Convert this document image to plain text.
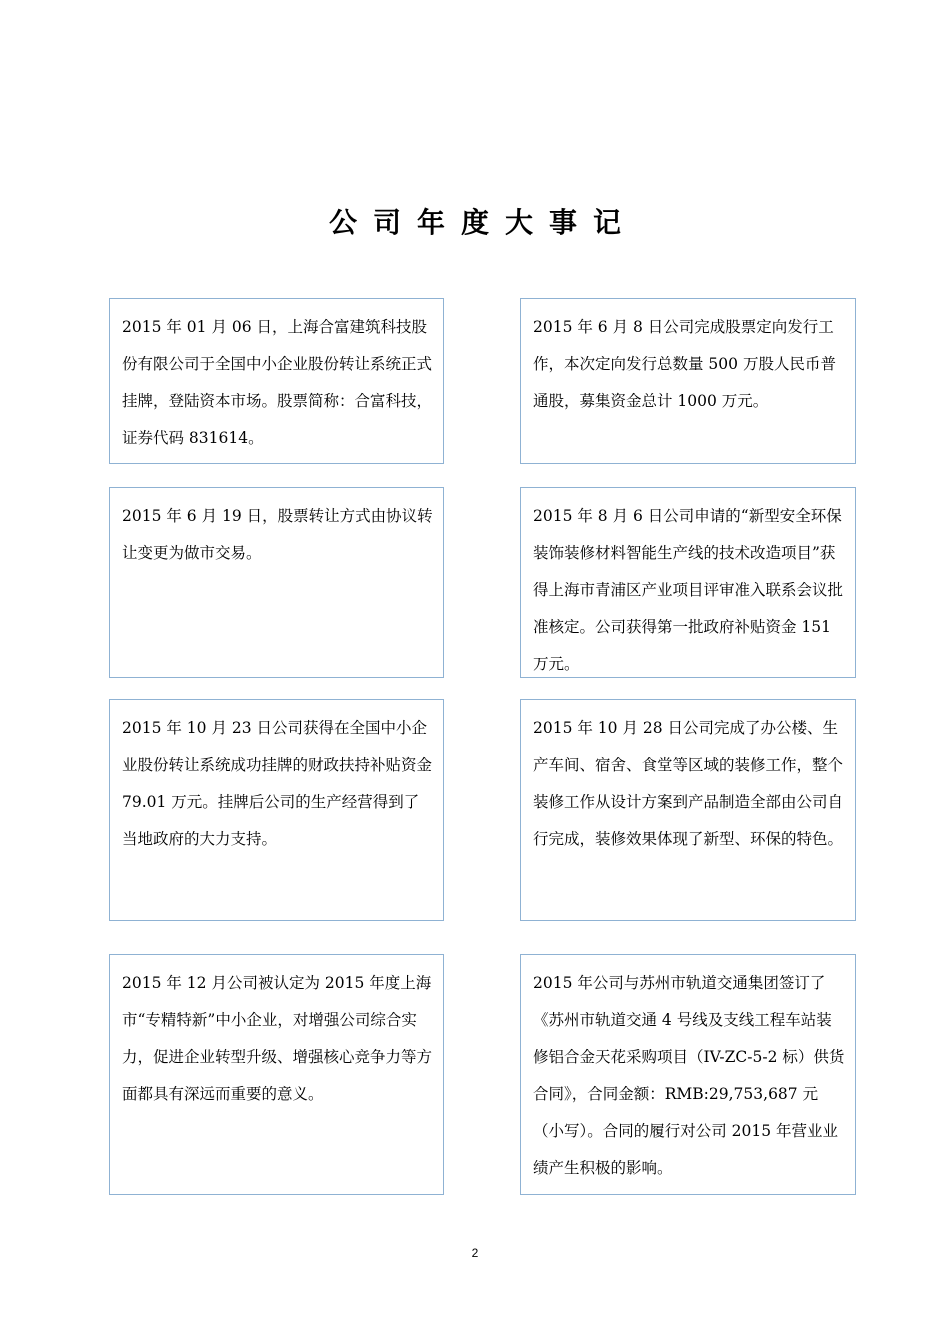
公司年度大事记

2015 年 01 月 06 日，上海合富建筑科技股份有限公司于全国中小企业股份转让系统正式挂牌，登陆资本市场。股票简称：合富科技，证券代码 831614。

2015 年 6 月 8 日公司完成股票定向发行工作，本次定向发行总数量 500 万股人民币普通股，募集资金总计 1000 万元。

2015 年 6 月 19 日，股票转让方式由协议转让变更为做市交易。

2015 年 8 月 6 日公司申请的“新型安全环保装饰装修材料智能生产线的技术改造项目”获得上海市青浦区产业项目评审准入联系会议批准核定。公司获得第一批政府补贴资金 151 万元。

2015 年 10 月 23 日公司获得在全国中小企业股份转让系统成功挂牌的财政扶持补贴资金 79.01 万元。挂牌后公司的生产经营得到了当地政府的大力支持。

2015 年 10 月 28 日公司完成了办公楼、生产车间、宿舍、食堂等区域的装修工作，整个装修工作从设计方案到产品制造全部由公司自行完成，装修效果体现了新型、环保的特色。

2015 年 12 月公司被认定为 2015 年度上海市“专精特新”中小企业，对增强公司综合实力，促进企业转型升级、增强核心竞争力等方面都具有深远而重要的意义。

2015 年公司与苏州市轨道交通集团签订了《苏州市轨道交通 4 号线及支线工程车站装修铝合金天花采购项目（IV-ZC-5-2 标）供货合同》，合同金额：RMB:29,753,687 元（小写）。合同的履行对公司 2015 年营业业绩产生积极的影响。

2
